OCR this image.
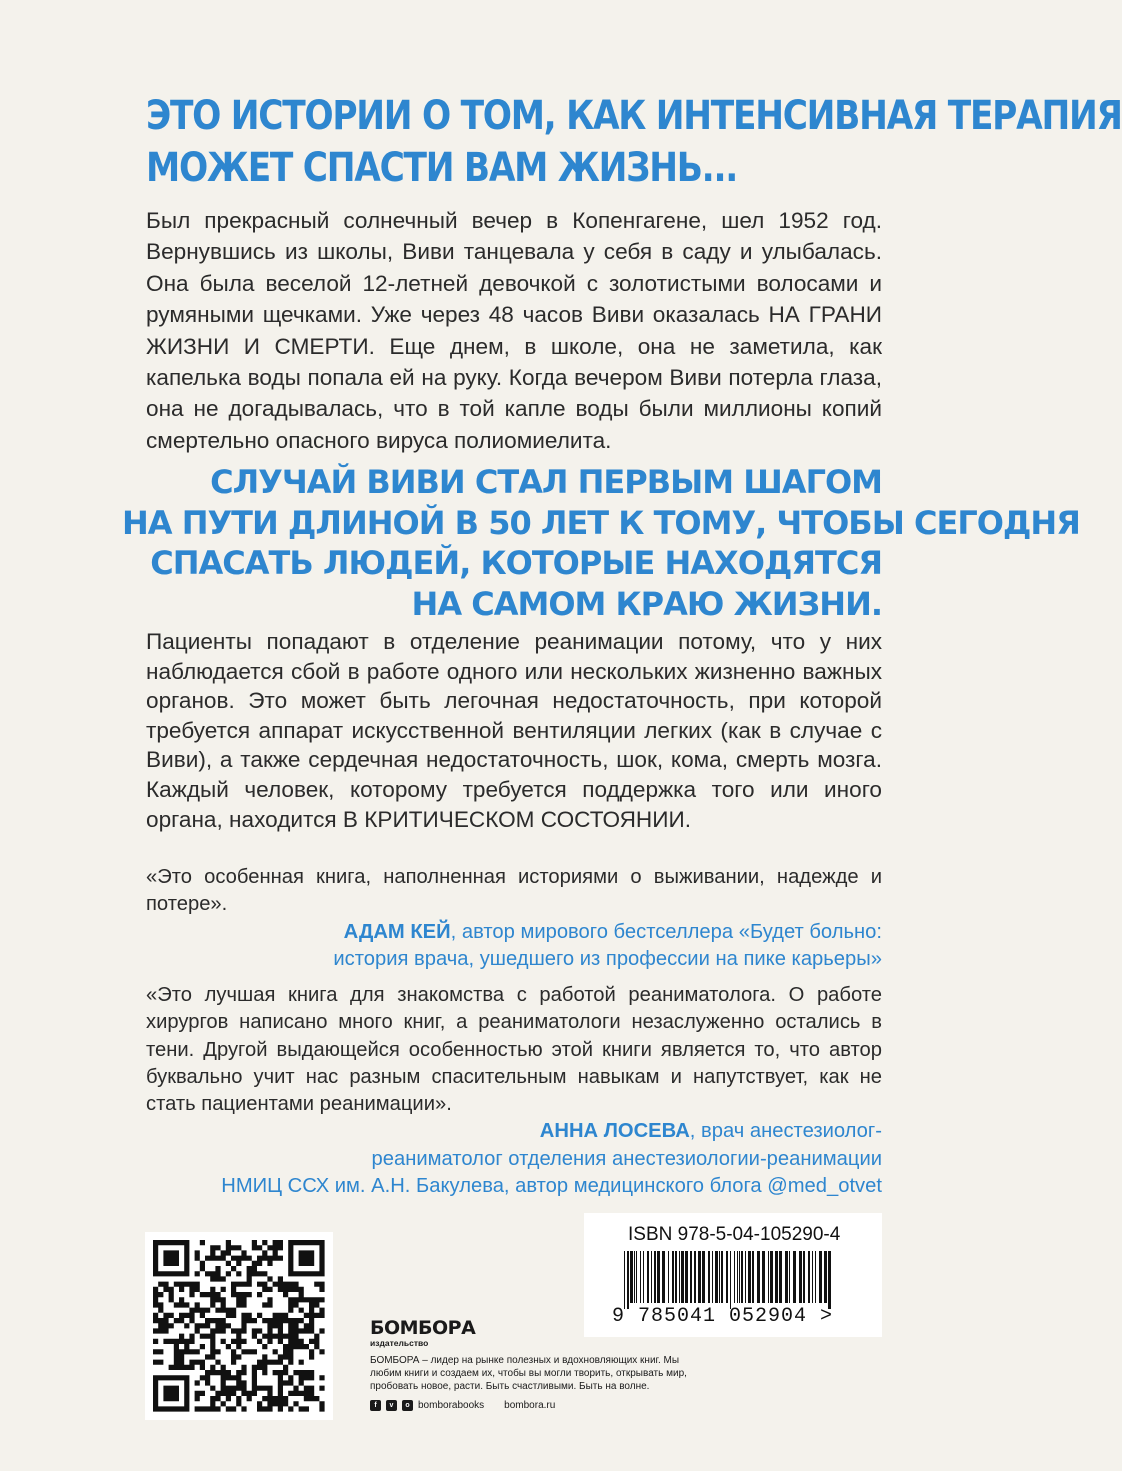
ЭТО ИСТОРИИ О ТОМ, КАК ИНТЕНСИВНАЯ ТЕРАПИЯ
МОЖЕТ СПАСТИ ВАМ ЖИЗНЬ...
Был прекрасный солнечный вечер в Копенгагене, шел 1952 год. Вернувшись из школы, Виви танцевала у себя в саду и улыбалась. Она была веселой 12-летней девочкой с золотистыми волосами и румяными щечками. Уже через 48 часов Виви оказалась НА ГРАНИ ЖИЗНИ И СМЕРТИ. Еще днем, в школе, она не заметила, как капелька воды попала ей на руку. Когда вечером Виви потерла глаза, она не догадывалась, что в той капле воды были миллионы копий смертельно опасного вируса полиомиелита.
СЛУЧАЙ ВИВИ СТАЛ ПЕРВЫМ ШАГОМ
НА ПУТИ ДЛИНОЙ В 50 ЛЕТ К ТОМУ, ЧТОБЫ СЕГОДНЯ
СПАСАТЬ ЛЮДЕЙ, КОТОРЫЕ НАХОДЯТСЯ
НА САМОМ КРАЮ ЖИЗНИ.
Пациенты попадают в отделение реанимации потому, что у них наблюдается сбой в работе одного или нескольких жизненно важных органов. Это может быть легочная недостаточность, при которой требуется аппарат искусственной вентиляции легких (как в случае с Виви), а также сердечная недостаточность, шок, кома, смерть мозга. Каждый человек, которому требуется поддержка того или иного органа, находится В КРИТИЧЕСКОМ СОСТОЯНИИ.
«Это особенная книга, наполненная историями о выживании, надежде и потере».
АДАМ КЕЙ, автор мирового бестселлера «Будет больно:
история врача, ушедшего из профессии на пике карьеры»
«Это лучшая книга для знакомства с работой реаниматолога. О работе хирургов написано много книг, а реаниматологи незаслуженно остались в тени. Другой выдающейся особенностью этой книги является то, что автор буквально учит нас разным спасительным навыкам и напутствует, как не стать пациентами реанимации».
АННА ЛОСЕВА, врач анестезиолог-
реаниматолог отделения анестезиологии-реанимации
НМИЦ ССХ им. А.Н. Бакулева, автор медицинского блога @med_otvet
БОМБОРА
издательство
БОМБОРА – лидер на рынке полезных и вдохновляющих книг. Мы любим книги и создаем их, чтобы вы могли творить, открывать мир, пробовать новое, расти. Быть счастливыми. Быть на волне.
f	v	o bomborabooks bombora.ru
ISBN 978-5-04-105290-4
9 785041 052904 >
